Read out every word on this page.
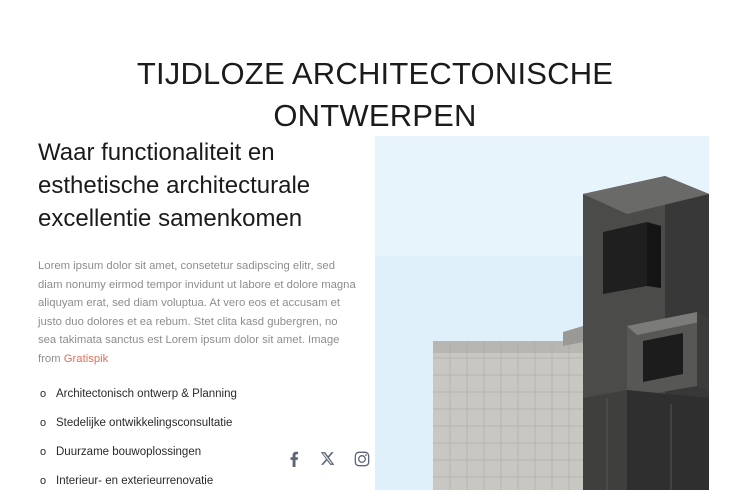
TIJDLOZE ARCHITECTONISCHE ONTWERPEN
Waar functionaliteit en esthetische architecturale excellentie samenkomen

Lorem ipsum dolor sit amet, consetetur sadipscing elitr, sed diam nonumy eirmod tempor invidunt ut labore et dolore magna aliquyam erat, sed diam voluptua. At vero eos et accusam et justo duo dolores et ea rebum. Stet clita kasd gubergren, no sea takimata sanctus est Lorem ipsum dolor sit amet. Image from Gratispik

o Architectonisch ontwerp & Planning
o Stedelijke ontwikkelingsconsultatie
o Duurzame bouwoplossingen
o Interieur- en exterieurrenovatie
